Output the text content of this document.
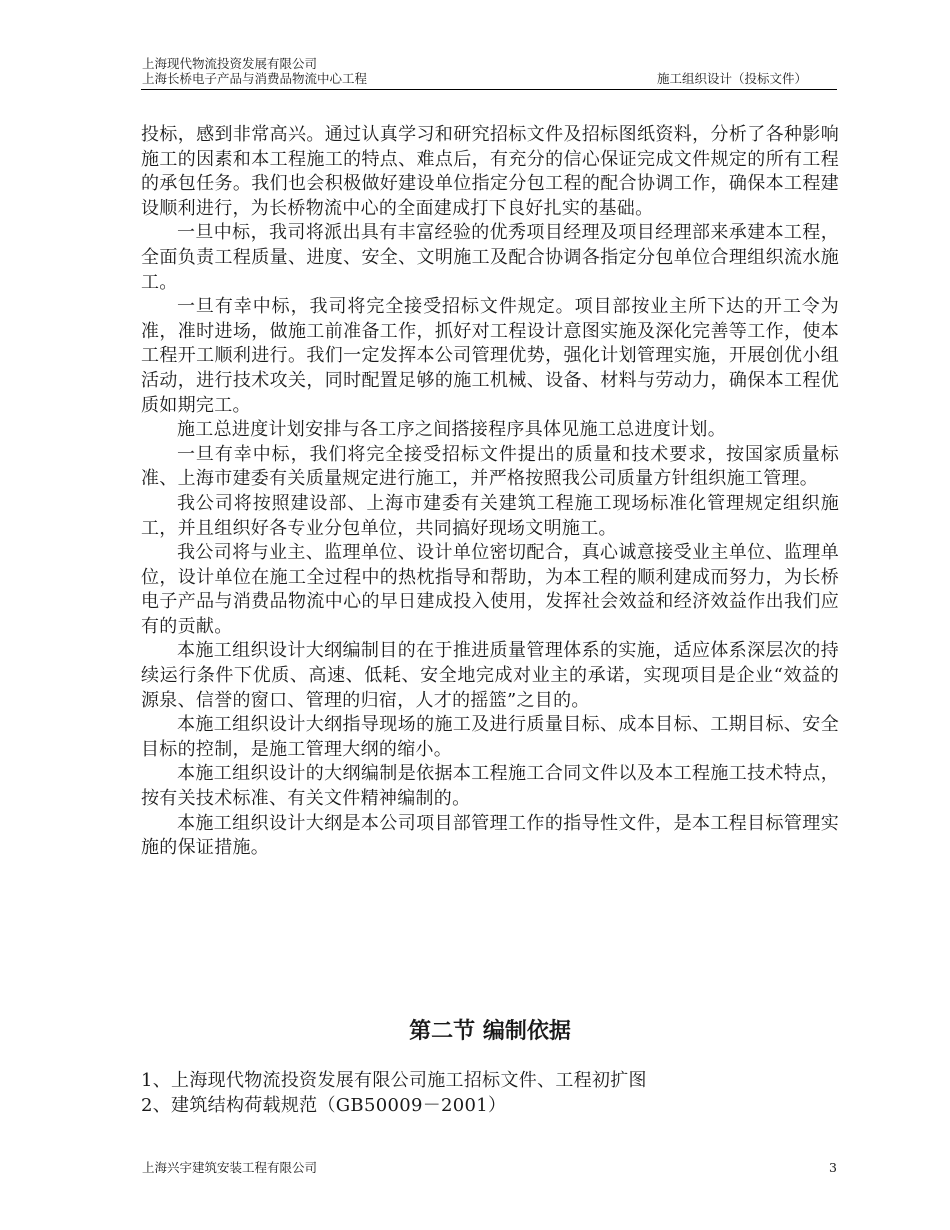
上海现代物流投资发展有限公司
上海长桥电子产品与消费品物流中心工程	施工组织设计（投标文件）

投标，感到非常高兴。通过认真学习和研究招标文件及招标图纸资料，分析了各种影响施工的因素和本工程施工的特点、难点后，有充分的信心保证完成文件规定的所有工程的承包任务。我们也会积极做好建设单位指定分包工程的配合协调工作，确保本工程建设顺利进行，为长桥物流中心的全面建成打下良好扎实的基础。

一旦中标，我司将派出具有丰富经验的优秀项目经理及项目经理部来承建本工程，全面负责工程质量、进度、安全、文明施工及配合协调各指定分包单位合理组织流水施工。

一旦有幸中标，我司将完全接受招标文件规定。项目部按业主所下达的开工令为准，准时进场，做施工前准备工作，抓好对工程设计意图实施及深化完善等工作，使本工程开工顺利进行。我们一定发挥本公司管理优势，强化计划管理实施，开展创优小组活动，进行技术攻关，同时配置足够的施工机械、设备、材料与劳动力，确保本工程优质如期完工。

施工总进度计划安排与各工序之间搭接程序具体见施工总进度计划。

一旦有幸中标，我们将完全接受招标文件提出的质量和技术要求，按国家质量标准、上海市建委有关质量规定进行施工，并严格按照我公司质量方针组织施工管理。

我公司将按照建设部、上海市建委有关建筑工程施工现场标准化管理规定组织施工，并且组织好各专业分包单位，共同搞好现场文明施工。

我公司将与业主、监理单位、设计单位密切配合，真心诚意接受业主单位、监理单位，设计单位在施工全过程中的热枕指导和帮助，为本工程的顺利建成而努力，为长桥电子产品与消费品物流中心的早日建成投入使用，发挥社会效益和经济效益作出我们应有的贡献。

本施工组织设计大纲编制目的在于推进质量管理体系的实施，适应体系深层次的持续运行条件下优质、高速、低耗、安全地完成对业主的承诺，实现项目是企业“效益的源泉、信誉的窗口、管理的归宿，人才的摇篮”之目的。

本施工组织设计大纲指导现场的施工及进行质量目标、成本目标、工期目标、安全目标的控制，是施工管理大纲的缩小。

本施工组织设计的大纲编制是依据本工程施工合同文件以及本工程施工技术特点，按有关技术标准、有关文件精神编制的。

本施工组织设计大纲是本公司项目部管理工作的指导性文件，是本工程目标管理实施的保证措施。

第二节 编制依据
1、上海现代物流投资发展有限公司施工招标文件、工程初扩图
2、建筑结构荷载规范（GB50009－2001）
上海兴宇建筑安装工程有限公司	3
